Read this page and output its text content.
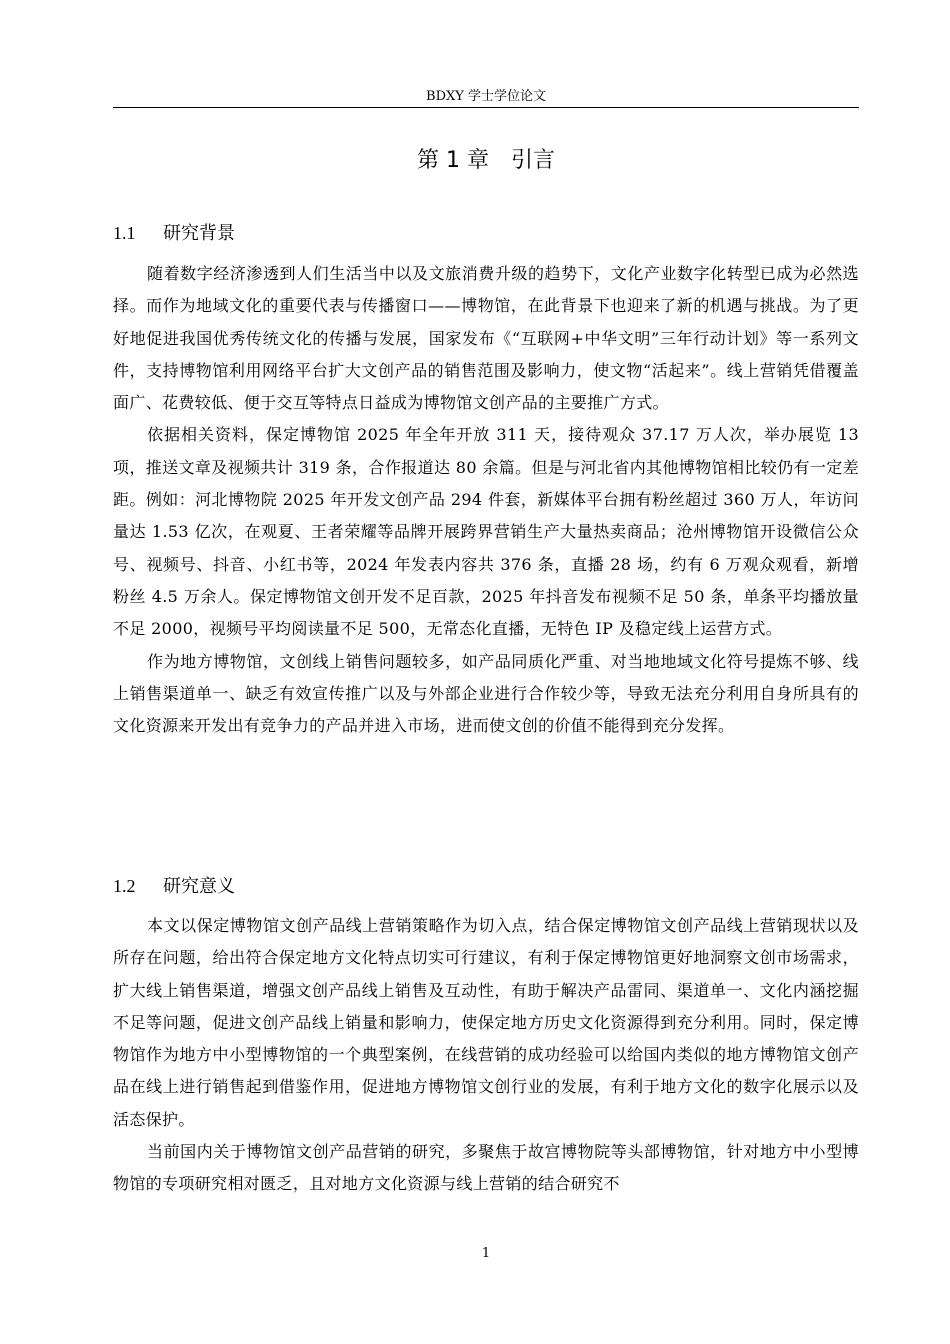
BDXY 学士学位论文
第 1 章 引言
1.1 研究背景

随着数字经济渗透到人们生活当中以及文旅消费升级的趋势下，文化产业数字化转型已成为必然选择。而作为地域文化的重要代表与传播窗口——博物馆，在此背景下也迎来了新的机遇与挑战。为了更好地促进我国优秀传统文化的传播与发展，国家发布《“互联网+中华文明”三年行动计划》等一系列文件，支持博物馆利用网络平台扩大文创产品的销售范围及影响力，使文物“活起来”。线上营销凭借覆盖面广、花费较低、便于交互等特点日益成为博物馆文创产品的主要推广方式。

依据相关资料，保定博物馆 2025 年全年开放 311 天，接待观众 37.17 万人次，举办展览 13 项，推送文章及视频共计 319 条，合作报道达 80 余篇。但是与河北省内其他博物馆相比较仍有一定差距。例如：河北博物院 2025 年开发文创产品 294 件套，新媒体平台拥有粉丝超过 360 万人，年访问量达 1.53 亿次，在观夏、王者荣耀等品牌开展跨界营销生产大量热卖商品；沧州博物馆开设微信公众号、视频号、抖音、小红书等，2024 年发表内容共 376 条，直播 28 场，约有 6 万观众观看，新增粉丝 4.5 万余人。保定博物馆文创开发不足百款，2025 年抖音发布视频不足 50 条，单条平均播放量不足 2000，视频号平均阅读量不足 500，无常态化直播，无特色 IP 及稳定线上运营方式。

作为地方博物馆，文创线上销售问题较多，如产品同质化严重、对当地地域文化符号提炼不够、线上销售渠道单一、缺乏有效宣传推广以及与外部企业进行合作较少等，导致无法充分利用自身所具有的文化资源来开发出有竞争力的产品并进入市场，进而使文创的价值不能得到充分发挥。

1.2 研究意义

本文以保定博物馆文创产品线上营销策略作为切入点，结合保定博物馆文创产品线上营销现状以及所存在问题，给出符合保定地方文化特点切实可行建议，有利于保定博物馆更好地洞察文创市场需求，扩大线上销售渠道，增强文创产品线上销售及互动性，有助于解决产品雷同、渠道单一、文化内涵挖掘不足等问题，促进文创产品线上销量和影响力，使保定地方历史文化资源得到充分利用。同时，保定博物馆作为地方中小型博物馆的一个典型案例，在线营销的成功经验可以给国内类似的地方博物馆文创产品在线上进行销售起到借鉴作用，促进地方博物馆文创行业的发展，有利于地方文化的数字化展示以及活态保护。

当前国内关于博物馆文创产品营销的研究，多聚焦于故宫博物院等头部博物馆，针对地方中小型博物馆的专项研究相对匮乏，且对地方文化资源与线上营销的结合研究不

1
